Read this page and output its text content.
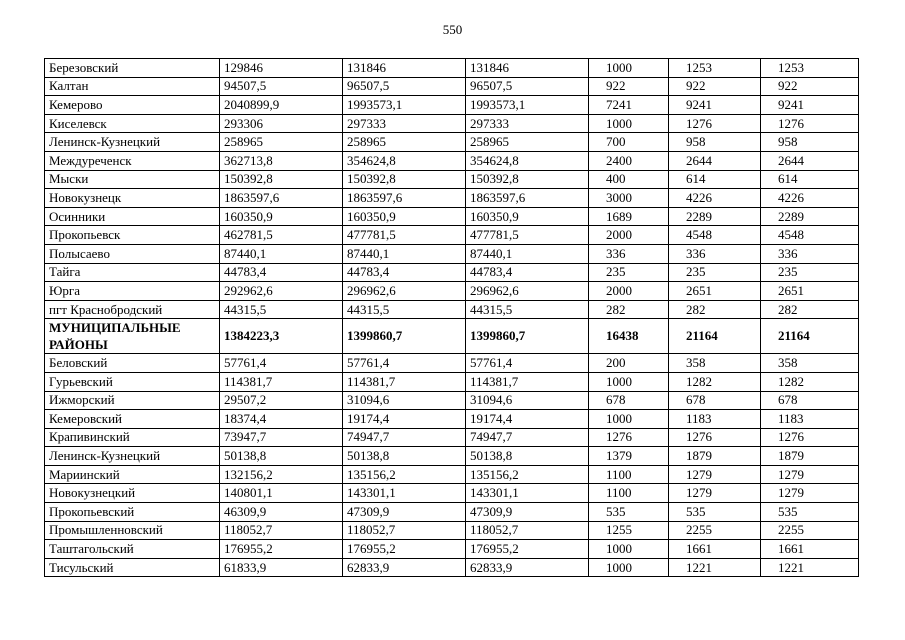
550
Березовский	129846	131846	131846	1000	1253	1253
Калтан	94507,5	96507,5	96507,5	922	922	922
Кемерово	2040899,9	1993573,1	1993573,1	7241	9241	9241
Киселевск	293306	297333	297333	1000	1276	1276
Ленинск-Кузнецкий	258965	258965	258965	700	958	958
Междуреченск	362713,8	354624,8	354624,8	2400	2644	2644
Мыски	150392,8	150392,8	150392,8	400	614	614
Новокузнецк	1863597,6	1863597,6	1863597,6	3000	4226	4226
Осинники	160350,9	160350,9	160350,9	1689	2289	2289
Прокопьевск	462781,5	477781,5	477781,5	2000	4548	4548
Полысаево	87440,1	87440,1	87440,1	336	336	336
Тайга	44783,4	44783,4	44783,4	235	235	235
Юрга	292962,6	296962,6	296962,6	2000	2651	2651
пгт Краснобродский	44315,5	44315,5	44315,5	282	282	282
МУНИЦИПАЛЬНЫЕ РАЙОНЫ	1384223,3	1399860,7	1399860,7	16438	21164	21164
Беловский	57761,4	57761,4	57761,4	200	358	358
Гурьевский	114381,7	114381,7	114381,7	1000	1282	1282
Ижморский	29507,2	31094,6	31094,6	678	678	678
Кемеровский	18374,4	19174,4	19174,4	1000	1183	1183
Крапивинский	73947,7	74947,7	74947,7	1276	1276	1276
Ленинск-Кузнецкий	50138,8	50138,8	50138,8	1379	1879	1879
Мариинский	132156,2	135156,2	135156,2	1100	1279	1279
Новокузнецкий	140801,1	143301,1	143301,1	1100	1279	1279
Прокопьевский	46309,9	47309,9	47309,9	535	535	535
Промышленновский	118052,7	118052,7	118052,7	1255	2255	2255
Таштагольский	176955,2	176955,2	176955,2	1000	1661	1661
Тисульский	61833,9	62833,9	62833,9	1000	1221	1221
